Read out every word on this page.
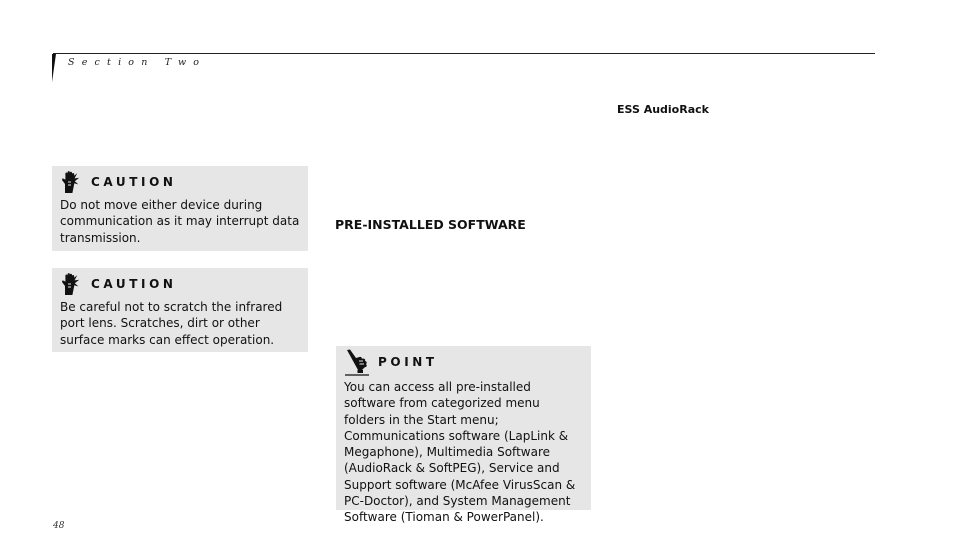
Section Two
ESS AudioRack
CAUTION
Do not move either device during communication as it may interrupt data transmission.
CAUTION
Be careful not to scratch the infrared port lens. Scratches, dirt or other surface marks can effect operation.
PRE-INSTALLED SOFTWARE
POINT
You can access all pre-installed software from categorized menu folders in the Start menu; Communications software (LapLink & Megaphone), Multimedia Software (AudioRack & SoftPEG), Service and Support software (McAfee VirusScan & PC-Doctor), and System Management Software (Tioman & PowerPanel).
48
